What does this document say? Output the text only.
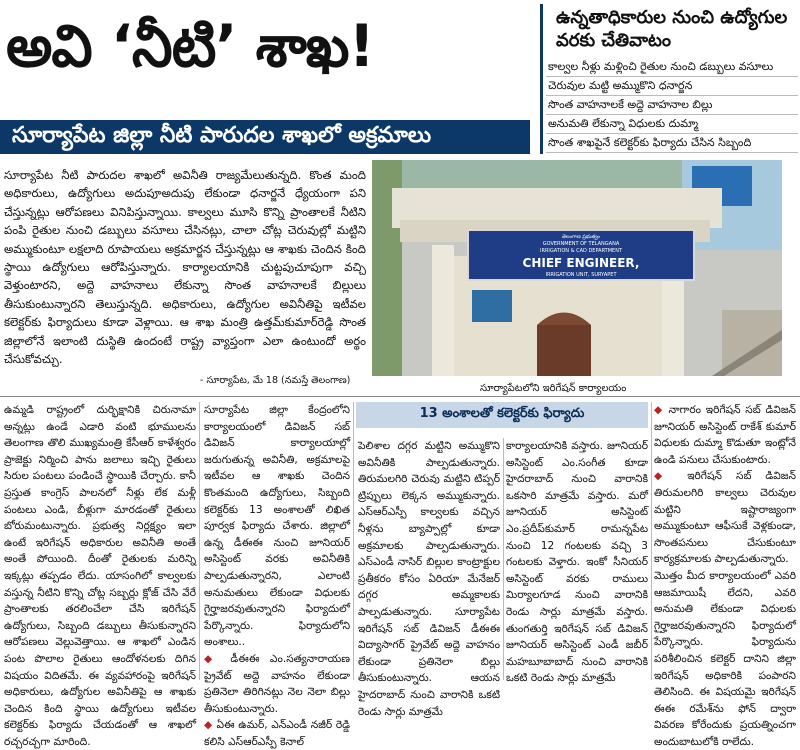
అవి ‘నీటి’ శాఖ!
సూర్యాపేట జిల్లా నీటి పారుదల శాఖలో అక్రమాలు
ఉన్నతాధికారుల నుంచి ఉద్యోగుల వరకు చేతివాటం
కాల్వల నీళ్లు మళ్లించి రైతుల నుంచి డబ్బులు వసూలు
చెరువుల మట్టి అమ్ముకొని ధనార్జన
సొంత వాహనాలకే అద్దె వాహనాల బిల్లు
అనుమతి లేకున్నా విధులకు దుమ్మా
సొంత శాఖపైనే కలెక్టర్‌కు ఫిర్యాదు చేసిన సిబ్బంది

సూర్యాపేట నీటి పారుదల శాఖలో అవినీతి రాజ్యమేలుతున్నది. కొంత మంది అధికారులు, ఉద్యోగులు అదుపూఅదుపు లేకుండా ధనార్జనే ధ్యేయంగా పని చేస్తున్నట్లు ఆరోపణలు వినిపిస్తున్నాయి. కాల్వలు మూసి కొన్ని ప్రాంతాలకే నీటిని పంపి రైతుల నుంచి డబ్బులు వసూలు చేసినట్లు, చాలా చోట్ల చెరువుల్లో మట్టిని అమ్ముకుంటూ లక్షలాది రూపాయలు అక్రమార్జన చేస్తున్నట్లు ఆ శాఖకు చెందిన కింది స్థాయి ఉద్యోగులు ఆరోపిస్తున్నారు. కార్యాలయానికి చుట్టపుచూపుగా వచ్చి వెళ్తుంటారని, అద్దె వాహనాలు లేకున్నా సొంత వాహనాలకే బిల్లులు తీసుకుంటున్నారని తెలుస్తున్నది. అధికారులు, ఉద్యోగుల అవినీతిపై ఇటీవల కలెక్టర్‌కు ఫిర్యాదులు కూడా వెళ్లాయి. ఆ శాఖ మంత్రి ఉత్తమ్‌కుమార్‌రెడ్డి సొంత జిల్లాలోనే ఇలాంటి దుస్థితి ఉందంటే రాష్ట్ర వ్యాప్తంగా ఎలా ఉంటుందో అర్థం చేసుకోవచ్చు.

- సూర్యాపేట, మే 18 (నమస్తే తెలంగాణ)
తెలంగాణ ప్రభుత్వం
GOVERNMENT OF TELANGANA
IRRIGATION & CAD DEPARTMENT
CHIEF ENGINEER,
IRRIGATION UNIT, SURYAPET
సూర్యాపేటలోని ఇరిగేషన్ కార్యాలయం

ఉమ్మడి రాష్ట్రంలో దుర్భిక్షానికి చిరునామా అన్నట్లు ఉండే ఎడారి వంటి భూములను తెలంగాణ తొలి ముఖ్యమంత్రి కేసీఆర్ కాళేశ్వరం ప్రాజెక్టు నిర్మించి పాను జలాలు ఇచ్చి రైతులు సిరుల పంటలు పండించే స్థాయికి చేర్చారు. కానీ ప్రస్తుత కాంగ్రెస్ పాలనలో నీళ్లు లేక మళ్లీ పంటలు ఎండి, బీళ్లుగా మారడంతో రైతులు బోరుమంటున్నారు. ప్రభుత్వ నిర్లక్ష్యం ఇలా ఉంటే ఇరిగేషన్ అధికారుల అవినీతి అంతే అంతే పోయింది. దీంతో రైతులకు మరిన్ని ఇక్కట్లు తప్పడం లేదు. యాసంగిలో కాల్వలకు వస్తున్న నీటిని కొన్ని చోట్ల సబ్బర్లు క్లోజ్ చేసి వేరే ప్రాంతాలకు తరలించేలా చేసి ఇరిగేషన్ ఉద్యోగులు, సిబ్బంది డబ్బులు తీసుకున్నారని ఆరోపణలు వెల్లువెత్తాయి. ఆ శాఖలో ఎండిన పంట పొలాల రైతులు ఆందోళనలకు దిగిన విషయం విదితమే. ఈ వ్యవహారంపై ఇరిగేషన్ అధికారులు, ఉద్యోగుల అవినీతిపై ఆ శాఖకు చెందిన కింది స్థాయి ఉద్యోగులు ఇటీవల కలెక్టర్‌కు ఫిర్యాదు చేయడంతో ఆ శాఖలో రచ్చరచ్చగా మారింది.

సూర్యాపేట జిల్లా కేంద్రంలోని కార్యాలయంలో డివిజన్ సబ్ డివిజన్ కార్యాలయాల్లో జరుగుతున్న అవినీతి, అక్రమాలపై ఇటీవల ఆ శాఖకు చెందిన కొంతమంది ఉద్యోగులు, సిబ్బంది కలెక్టర్‌కు 13 అంశాలతో లిఖిత పూర్వక ఫిర్యాదు చేశారు. జిల్లాలో ఉన్న డీఈఈ నుంచి జూనియర్ అసిస్టెంట్ వరకు అవినీతికి పాల్పడుతున్నారని, ఎలాంటి అనుమతులు లేకుండా విధులకు గైర్హాజరవుతున్నారని ఫిర్యాదులో పేర్కొన్నారు. ఫిర్యాదులోని అంశాలు..

◆ డీఈఈ ఎం.సత్యనారాయణ ప్రైవేట్ అద్దె వాహనం లేకుండా ప్రతినెలా తిరిగినట్లు నెల నెలా బిల్లు తీసుకుంటున్నారు.

◆ ఏఈ ఉమర్, ఎన్ఎండీ నజీర్ రెడ్డి కలిసి ఎస్ఆర్ఎస్పీ కెనాల్

13 అంశాలతో కలెక్టర్‌కు ఫిర్యాదు

పెలిశాల దగ్గర మట్టిని అమ్ముకొని అవినీతికి పాల్పడుతున్నారు. తిరుమలగిరి చెరువు మట్టిని టిప్పర్ ట్రిప్పులు లెక్కన అమ్ముకున్నారు. ఎస్ఆర్ఎస్పీ కాల్వలకు వచ్చిన నీళ్లను బ్యాప్పాల్లో కూడా అక్రమాలకు పాల్పడుతున్నారు. ఎస్ఎండీ నాసిర్ బిల్లుల కాంట్రాక్టుల ప్రతీకరం కోసం ఏరియా మేనేజర్ దగ్గర అమ్మకాలకు పాల్పడుతున్నారు. సూర్యాపేట ఇరిగేషన్ సబ్ డివిజన్ డీఈఈ విద్యాసాగర్ ప్రైవేట్ అద్దె వాహనం లేకుండా ప్రతినెలా బిల్లు తీసుకుంటున్నారు. ఆయన హైదరాబాద్ నుంచి వారానికి ఒకటి రెండు సార్లు మాత్రమే

కార్యాలయానికి వస్తారు. జూనియర్ అసిస్టెంట్ ఎం.సంగీత కూడా హైదరాబాద్ నుంచి వారానికి ఒకసారి మాత్రమే వస్తారు. మరో జూనియర్ అసిస్టెంట్ ఎం.ప్రదీప్‌కుమార్ రామన్నపేట నుంచి 12 గంటలకు వచ్చి 3 గంటలకు వెళ్తారు. ఇంకో సీనియర్ అసిస్టెంట్ వరకు రాములు మిర్యాలగూడ నుంచి వారానికి రెండు సార్లు మాత్రమే వస్తారు. తుంగతుర్తి ఇరిగేషన్ సబ్ డివిజన్ జూనియర్ అసిస్టెంట్ ఎండీ జబీర్ మహబూబాబాద్ నుంచి వారానికి ఒకటి రెండు సార్లు మాత్రమే

◆ నాగారం ఇరిగేషన్ సబ్ డివిజన్ జూనియర్ అసిస్టెంట్ రాకేశ్ కుమార్ విధులకు దుమ్మా కొడుతూ ఇంట్లోనే ఉండి పనులు చేసుకుంటారు.

◆ ఇరిగేషన్ సబ్ డివిజన్ తిరుమలగిరి కాల్వలు చెరువుల మట్టిని ఇష్టారాజ్యంగా అమ్ముకుంటూ ఆఫీసుకే వెళ్లకుండా, సొంతపనులు చేసుకుంటూ కార్యక్రమాలకు పాల్పడుతున్నారు.

మొత్తం మీద కార్యాలయంలో ఎవరి ఆజమాయిషీ లేదని, ఎవరి అనుమతి లేకుండా విధులకు గైర్హాజరవుతున్నారని ఫిర్యాదులో పేర్కొన్నారు. ఫిర్యాదును పరిశీలించిన కలెక్టర్ దానిని జిల్లా ఇరిగేషన్ అధికారికి పంపారని తెలిసింది. ఈ విషయమై ఇరిగేషన్ ఈఈ రమేశ్‌ను ఫోన్ ద్వారా వివరణ కోరేందుకు ప్రయత్నించగా అందుబాటులోకి రాలేదు.
